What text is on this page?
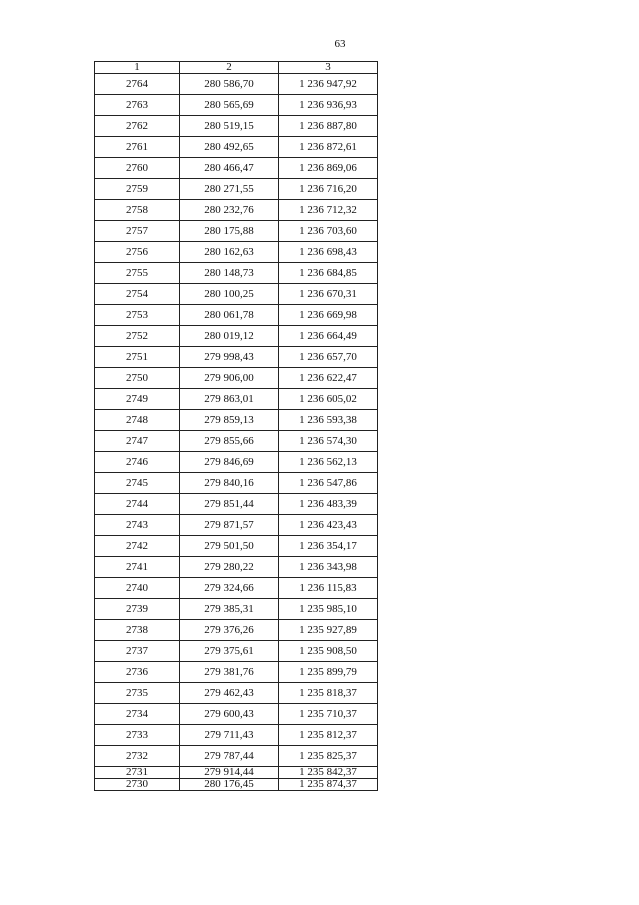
63
1	2	3
2764	280 586,70	1 236 947,92
2763	280 565,69	1 236 936,93
2762	280 519,15	1 236 887,80
2761	280 492,65	1 236 872,61
2760	280 466,47	1 236 869,06
2759	280 271,55	1 236 716,20
2758	280 232,76	1 236 712,32
2757	280 175,88	1 236 703,60
2756	280 162,63	1 236 698,43
2755	280 148,73	1 236 684,85
2754	280 100,25	1 236 670,31
2753	280 061,78	1 236 669,98
2752	280 019,12	1 236 664,49
2751	279 998,43	1 236 657,70
2750	279 906,00	1 236 622,47
2749	279 863,01	1 236 605,02
2748	279 859,13	1 236 593,38
2747	279 855,66	1 236 574,30
2746	279 846,69	1 236 562,13
2745	279 840,16	1 236 547,86
2744	279 851,44	1 236 483,39
2743	279 871,57	1 236 423,43
2742	279 501,50	1 236 354,17
2741	279 280,22	1 236 343,98
2740	279 324,66	1 236 115,83
2739	279 385,31	1 235 985,10
2738	279 376,26	1 235 927,89
2737	279 375,61	1 235 908,50
2736	279 381,76	1 235 899,79
2735	279 462,43	1 235 818,37
2734	279 600,43	1 235 710,37
2733	279 711,43	1 235 812,37
2732	279 787,44	1 235 825,37
2731	279 914,44	1 235 842,37
2730	280 176,45	1 235 874,37
